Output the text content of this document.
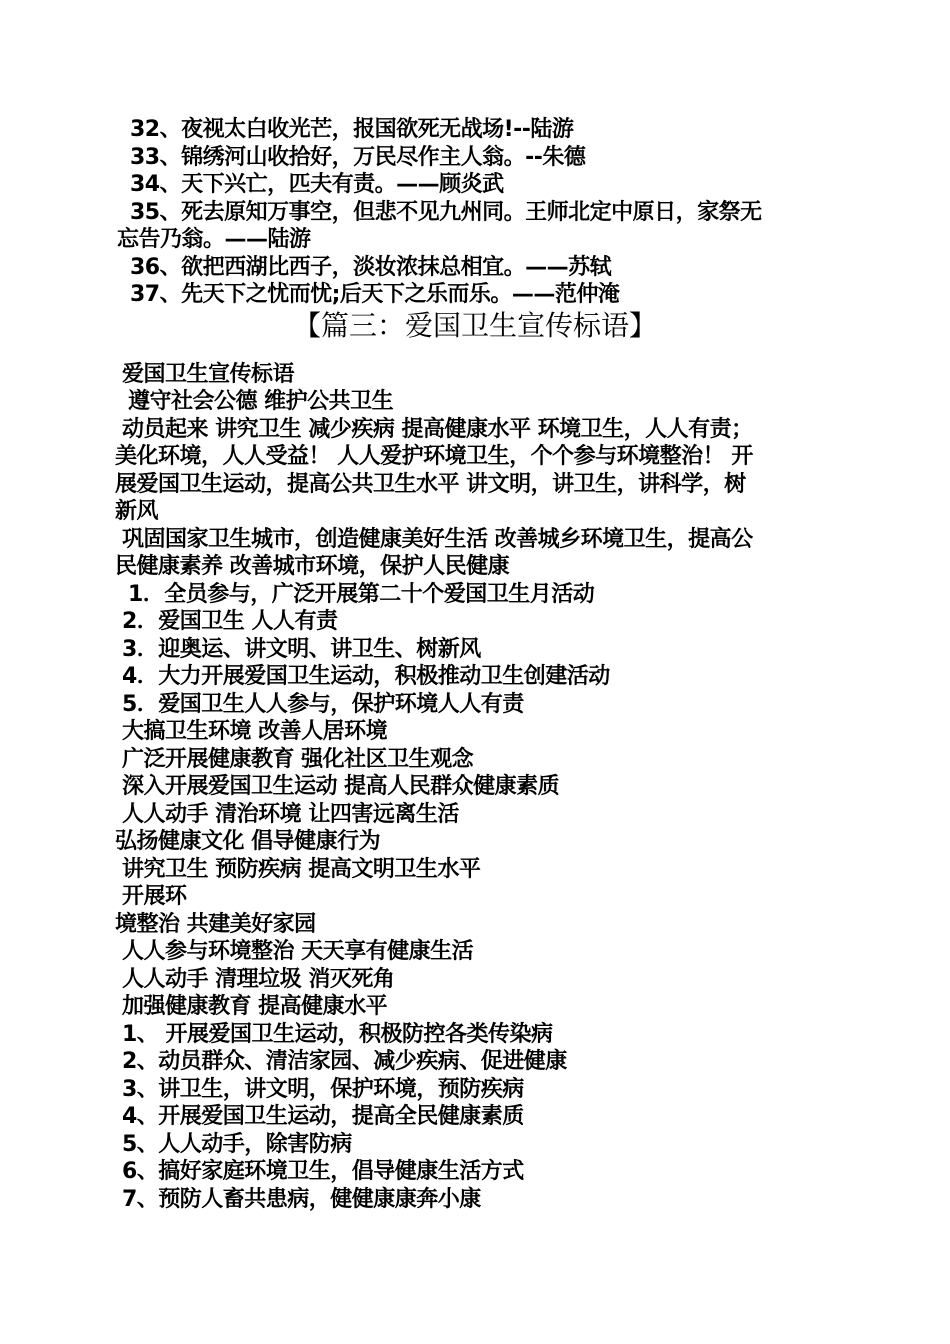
32、夜视太白收光芒，报国欲死无战场!--陆游

33、锦绣河山收拾好，万民尽作主人翁。--朱德

34、天下兴亡，匹夫有责。——顾炎武

35、死去原知万事空，但悲不见九州同。王师北定中原日，家祭无

忘告乃翁。——陆游

36、欲把西湖比西子，淡妆浓抹总相宜。——苏轼

37、先天下之忧而忧;后天下之乐而乐。——范仲淹

【篇三：爱国卫生宣传标语】

爱国卫生宣传标语

遵守社会公德 维护公共卫生

动员起来 讲究卫生 减少疾病 提高健康水平 环境卫生，人人有责；

美化环境，人人受益！ 人人爱护环境卫生，个个参与环境整治！ 开

展爱国卫生运动，提高公共卫生水平 讲文明，讲卫生，讲科学，树

新风

巩固国家卫生城市，创造健康美好生活 改善城乡环境卫生，提高公

民健康素养 改善城市环境，保护人民健康

1．全员参与，广泛开展第二十个爱国卫生月活动

2．爱国卫生 人人有责

3．迎奥运、讲文明、讲卫生、树新风

4．大力开展爱国卫生运动，积极推动卫生创建活动

5．爱国卫生人人参与，保护环境人人有责

大搞卫生环境 改善人居环境

广泛开展健康教育 强化社区卫生观念

深入开展爱国卫生运动 提高人民群众健康素质

人人动手 清治环境 让四害远离生活

弘扬健康文化 倡导健康行为

讲究卫生 预防疾病 提高文明卫生水平

开展环

境整治 共建美好家园

人人参与环境整治 天天享有健康生活

人人动手 清理垃圾 消灭死角

加强健康教育 提高健康水平

1、 开展爱国卫生运动，积极防控各类传染病

2、动员群众、清洁家园、减少疾病、促进健康

3、讲卫生，讲文明，保护环境，预防疾病

4、开展爱国卫生运动，提高全民健康素质

5、人人动手，除害防病

6、搞好家庭环境卫生，倡导健康生活方式

7、预防人畜共患病，健健康康奔小康
